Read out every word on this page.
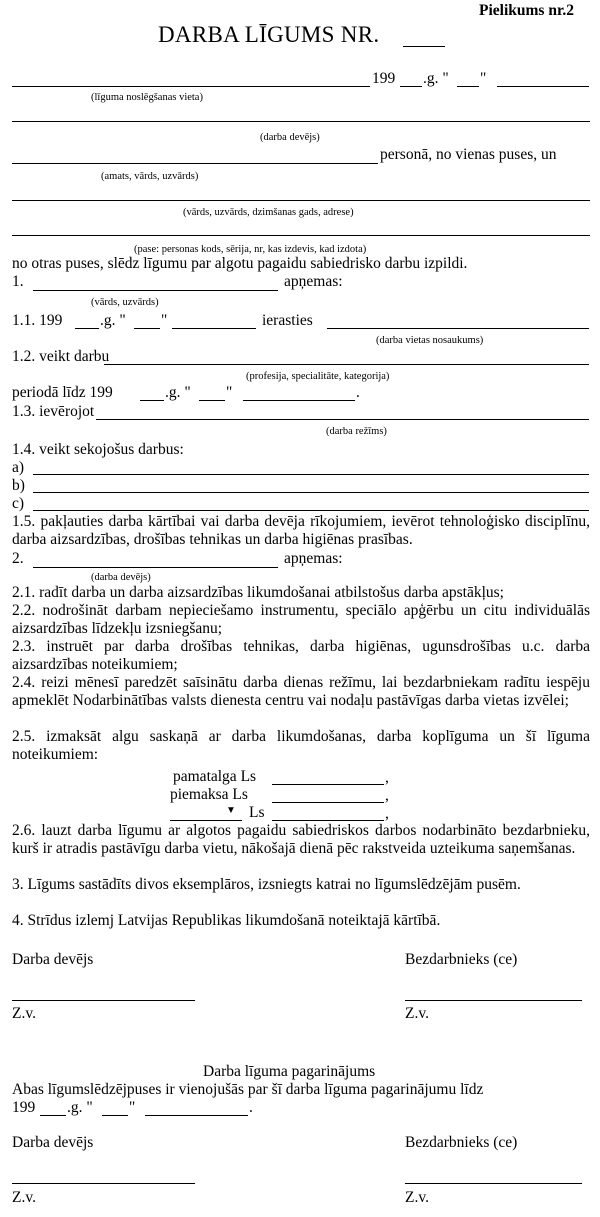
Pielikums nr.2
DARBA LĪGUMS NR.
199 .g. " "
(līguma noslēgšanas vieta)
(darba devējs)
personā, no vienas puses, un
(amats, vārds, uzvārds)
(vārds, uzvārds, dzimšanas gads, adrese)
(pase: personas kods, sērija, nr, kas izdevis, kad izdota)
no otras puses, slēdz līgumu par algotu pagaidu sabiedrisko darbu izpildi.
1.	apņemas:
(vārds, uzvārds)
1.1. 199 .g. " "	ierasties
(darba vietas nosaukums)
1.2. veikt darbu
(profesija, specialitāte, kategorija)
periodā līdz 199	.g. " "	.
1.3. ievērojot
(darba režīms)
1.4. veikt sekojošus darbus:
a)
b)
c)
1.5. pakļauties darba kārtībai vai darba devēja rīkojumiem, ievērot tehnoloģisko disciplīnu, darba aizsardzības, drošības tehnikas un darba higiēnas prasības.
2.	apņemas:
(darba devējs)
2.1. radīt darba un darba aizsardzības likumdošanai atbilstošus darba apstākļus;
2.2. nodrošināt darbam nepieciešamo instrumentu, speciālo apģērbu un citu individuālās aizsardzības līdzekļu izsniegšanu;
2.3. instruēt par darba drošības tehnikas, darba higiēnas, ugunsdrošības u.c. darba aizsardzības noteikumiem;
2.4. reizi mēnesī paredzēt saīsinātu darba dienas režīmu, lai bezdarbniekam radītu iespēju apmeklēt Nodarbinātības valsts dienesta centru vai nodaļu pastāvīgas darba vietas izvēlei;
2.5. izmaksāt algu saskaņā ar darba likumdošanas, darba koplīguma un šī līguma noteikumiem:
pamatalga Ls	,
piemaksa Ls	,
▼ Ls	,
2.6. lauzt darba līgumu ar algotos pagaidu sabiedriskos darbos nodarbināto bezdarbnieku, kurš ir atradis pastāvīgu darba vietu, nākošajā dienā pēc rakstveida uzteikuma saņemšanas.
3. Līgums sastādīts divos eksemplāros, izsniegts katrai no līgumslēdzējām pusēm.
4. Strīdus izlemj Latvijas Republikas likumdošanā noteiktajā kārtībā.
Darba devējs	Bezdarbnieks (ce)
Z.v.	Z.v.
Darba līguma pagarinājums
Abas līgumslēdzējpuses ir vienojušās par šī darba līguma pagarinājumu līdz
199 .g. " "	.
Darba devējs	Bezdarbnieks (ce)
Z.v.	Z.v.
